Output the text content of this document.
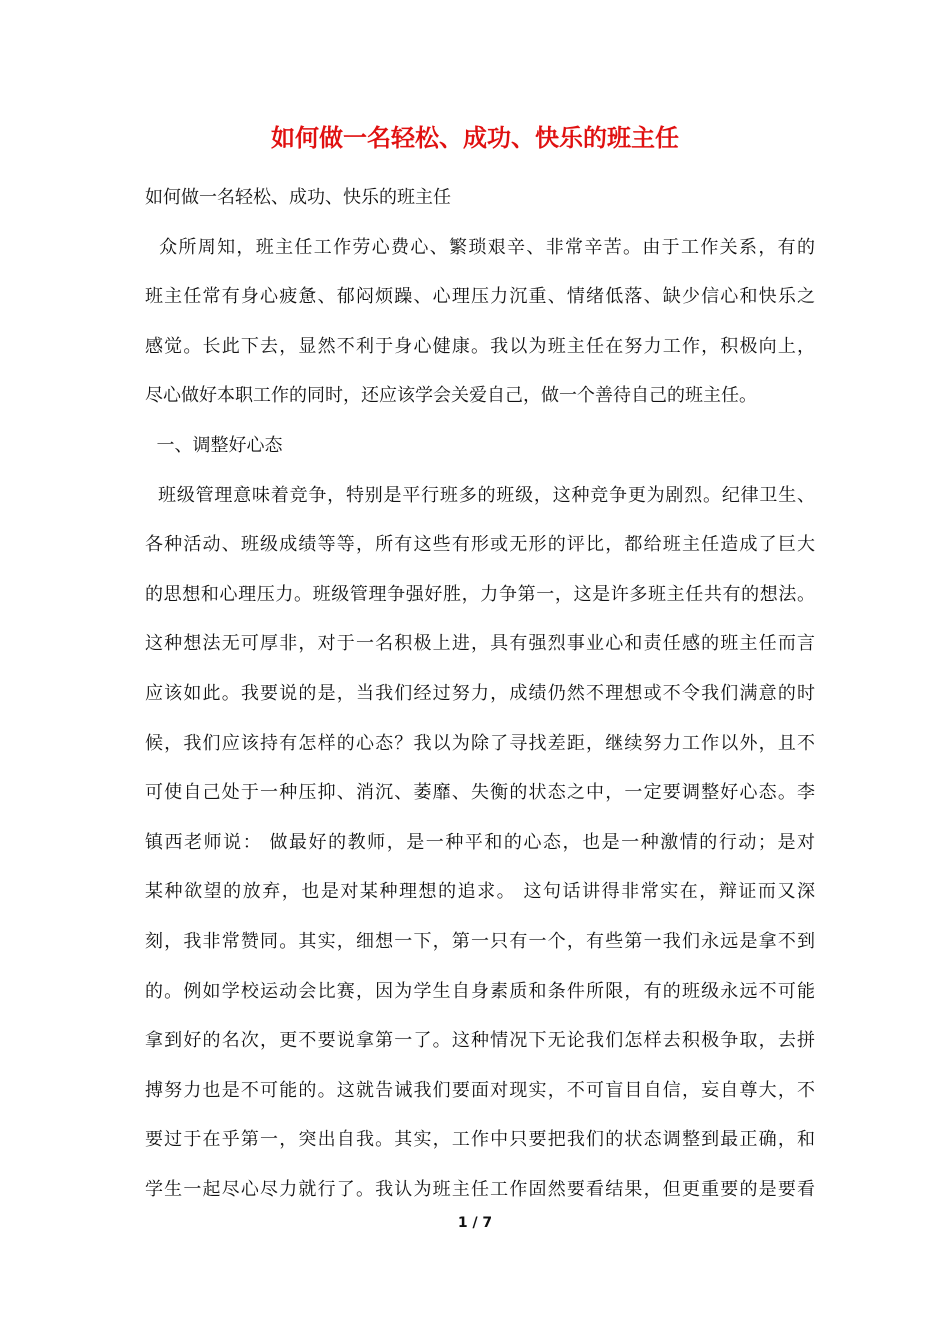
如何做一名轻松、成功、快乐的班主任
如何做一名轻松、成功、快乐的班主任
众所周知，班主任工作劳心费心、繁琐艰辛、非常辛苦。由于工作关系，有的
班主任常有身心疲惫、郁闷烦躁、心理压力沉重、情绪低落、缺少信心和快乐之
感觉。长此下去，显然不利于身心健康。我以为班主任在努力工作，积极向上，
尽心做好本职工作的同时，还应该学会关爱自己，做一个善待自己的班主任。
一、调整好心态
班级管理意味着竞争，特别是平行班多的班级，这种竞争更为剧烈。纪律卫生、
各种活动、班级成绩等等，所有这些有形或无形的评比，都给班主任造成了巨大
的思想和心理压力。班级管理争强好胜，力争第一，这是许多班主任共有的想法。
这种想法无可厚非，对于一名积极上进，具有强烈事业心和责任感的班主任而言
应该如此。我要说的是，当我们经过努力，成绩仍然不理想或不令我们满意的时
候，我们应该持有怎样的心态？我以为除了寻找差距，继续努力工作以外，且不
可使自己处于一种压抑、消沉、萎靡、失衡的状态之中，一定要调整好心态。李
镇西老师说： 做最好的教师，是一种平和的心态，也是一种激情的行动；是对
某种欲望的放弃，也是对某种理想的追求。 这句话讲得非常实在，辩证而又深
刻，我非常赞同。其实，细想一下，第一只有一个，有些第一我们永远是拿不到
的。例如学校运动会比赛，因为学生自身素质和条件所限，有的班级永远不可能
拿到好的名次，更不要说拿第一了。这种情况下无论我们怎样去积极争取，去拼
搏努力也是不可能的。这就告诫我们要面对现实，不可盲目自信，妄自尊大，不
要过于在乎第一，突出自我。其实，工作中只要把我们的状态调整到最正确，和
学生一起尽心尽力就行了。我认为班主任工作固然要看结果，但更重要的是要看
1 / 7
